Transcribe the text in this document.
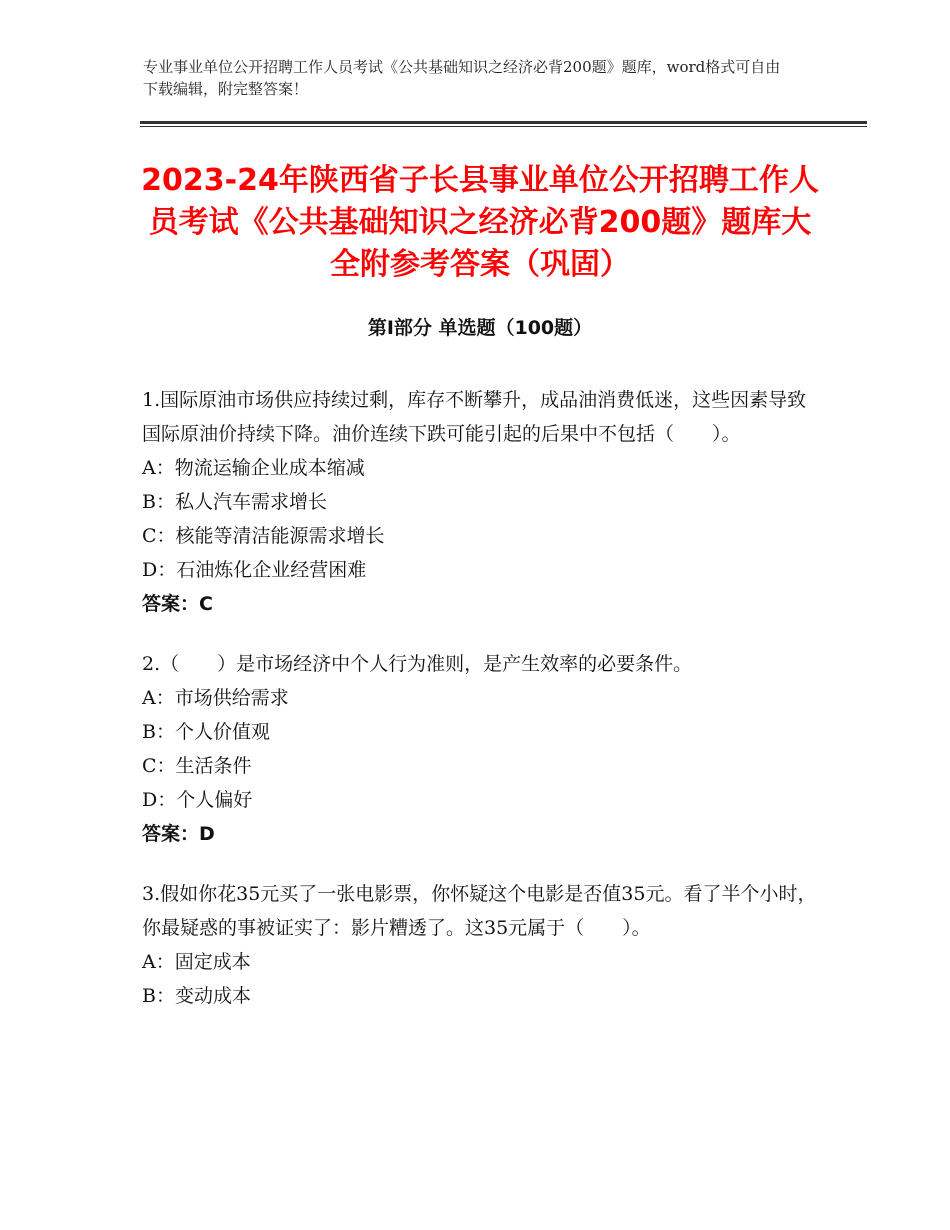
专业事业单位公开招聘工作人员考试《公共基础知识之经济必背200题》题库，word格式可自由下载编辑，附完整答案！
2023-24年陕西省子长县事业单位公开招聘工作人员考试《公共基础知识之经济必背200题》题库大全附参考答案（巩固）
第Ⅰ部分 单选题（100题）
1.国际原油市场供应持续过剩，库存不断攀升，成品油消费低迷，这些因素导致国际原油价持续下降。油价连续下跌可能引起的后果中不包括（　　）。
A：物流运输企业成本缩减
B：私人汽车需求增长
C：核能等清洁能源需求增长
D：石油炼化企业经营困难
答案：C
2.（　　）是市场经济中个人行为准则，是产生效率的必要条件。
A：市场供给需求
B：个人价值观
C：生活条件
D：个人偏好
答案：D
3.假如你花35元买了一张电影票，你怀疑这个电影是否值35元。看了半个小时，你最疑惑的事被证实了：影片糟透了。这35元属于（　　）。
A：固定成本
B：变动成本
